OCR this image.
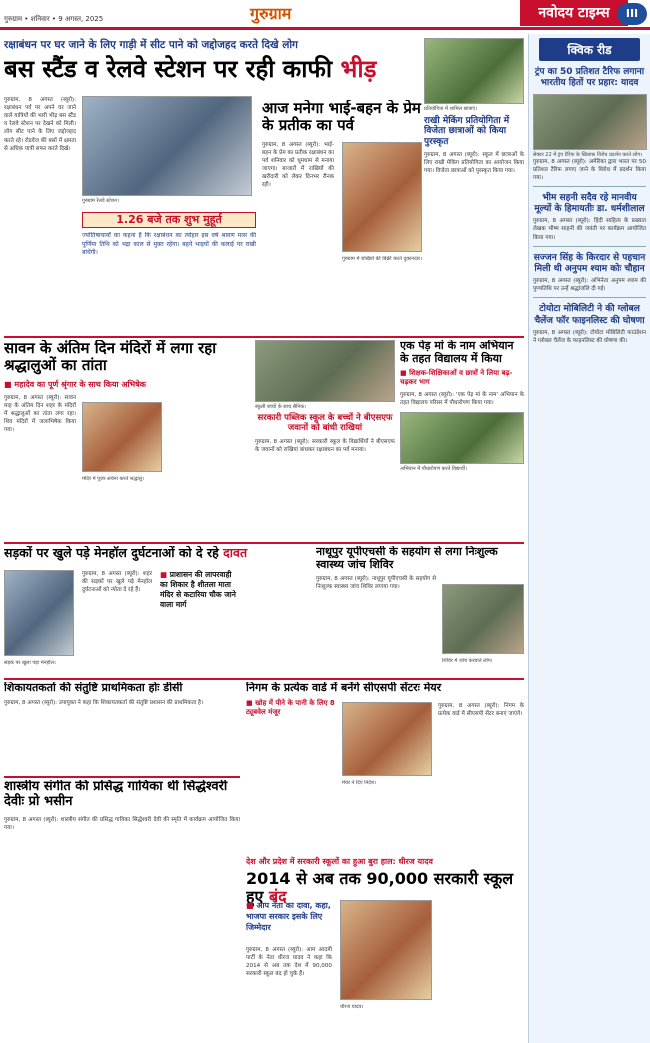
गुरुग्राम • शनिवार • 9 अगस्त, 2025	गुरुग्राम	नवोदय टाइम्स	III
रक्षाबंधन पर घर जाने के लिए गाड़ी में सीट पाने को जद्दोजहद करते दिखे लोग
बस स्टैंड व रेलवे स्टेशन पर रही काफी भीड़
गुरुग्राम, 8 अगस्त (ब्यूरो): रक्षाबंधन पर्व पर अपने घर जाने वाले यात्रियों की भारी भीड़ बस स्टैंड व रेलवे स्टेशन पर देखने को मिली। लोग सीट पाने के लिए जद्दोजहद करते रहे। रोडवेज की बसों में क्षमता से अधिक यात्री सफर करते दिखे।
गुरुग्राम रेलवे स्टेशन।
1.26 बजे तक शुभ मुहूर्त
ज्योतिषाचार्यों का कहना है कि रक्षाबंधन का त्योहार इस वर्ष श्रावण मास की पूर्णिमा तिथि को भद्रा काल से मुक्त रहेगा। बहनें भाइयों की कलाई पर राखी बांधेंगी।
आज मनेगा भाई-बहन के प्रेम के प्रतीक का पर्व
गुरुग्राम, 8 अगस्त (ब्यूरो): भाई-बहन के प्रेम का प्रतीक रक्षाबंधन का पर्व शनिवार को धूमधाम से मनाया जाएगा। बाजारों में राखियों की खरीदारी को लेकर दिनभर रौनक रही।
गुरुग्राम में राखियों की बिक्री करते दुकानदार।
प्रतियोगिता में शामिल छात्राएं।
राखी मेकिंग प्रतियोगिता में विजेता छात्राओं को किया पुरस्कृत
गुरुग्राम, 8 अगस्त (ब्यूरो): स्कूल में छात्राओं के लिए राखी मेकिंग प्रतियोगिता का आयोजन किया गया। विजेता छात्राओं को पुरस्कृत किया गया।
सावन के अंतिम दिन मंदिरों में लगा रहा श्रद्धालुओं का तांता
■ महादेव का पूर्ण श्रृंगार के साथ किया अभिषेक
गुरुग्राम, 8 अगस्त (ब्यूरो): सावन माह के अंतिम दिन शहर के मंदिरों में श्रद्धालुओं का तांता लगा रहा। शिव मंदिरों में जलाभिषेक किया गया।
मंदिर में पूजा-अर्चना करते श्रद्धालु।
स्कूली बच्चों के साथ सैनिक।
सरकारी पब्लिक स्कूल के बच्चों ने बीएसएफ जवानों को बांधी राखियां
गुरुग्राम, 8 अगस्त (ब्यूरो): सरकारी स्कूल के विद्यार्थियों ने बीएसएफ के जवानों को राखियां बांधकर रक्षाबंधन का पर्व मनाया।
एक पेड़ मां के नाम अभियान के तहत विद्यालय में किया
■ शिक्षक-शिक्षिकाओं व छात्रों ने लिया बढ़-चढ़कर भाग
गुरुग्राम, 8 अगस्त (ब्यूरो): 'एक पेड़ मां के नाम' अभियान के तहत विद्यालय परिसर में पौधारोपण किया गया।
अभियान में पौधारोपण करते विद्यार्थी।
सड़कों पर खुले पड़े मेनहॉल दुर्घटनाओं को दे रहे दावत
सड़क पर खुला पड़ा मेनहॉल।
गुरुग्राम, 8 अगस्त (ब्यूरो): शहर की सड़कों पर खुले पड़े मेनहॉल दुर्घटनाओं को न्योता दे रहे हैं।
■ प्राशासन की लापरवाही का शिकार है शीतला माता मंदिर से कटारिया चौक जाने वाला मार्ग
नाथूपुर यूपीएचसी के सहयोग से लगा निःशुल्क स्वास्थ्य जांच शिविर
गुरुग्राम, 8 अगस्त (ब्यूरो): नाथूपुर यूपीएचसी के सहयोग से निःशुल्क स्वास्थ्य जांच शिविर लगाया गया।
शिविर में जांच करवाते लोग।
शिकायतकर्ता की संतुष्टि प्राथमिकता होः डीसी
गुरुग्राम, 8 अगस्त (ब्यूरो): उपायुक्त ने कहा कि शिकायतकर्ता की संतुष्टि प्रशासन की प्राथमिकता है।
निगम के प्रत्येक वार्ड में बनेंगे सीएसपी सेंटरः मेयर
■ खोह में पीने के पानी के लिए 8 ट्यूबवेल मंजूर
मेयर ने दिए निर्देश।
गुरुग्राम, 8 अगस्त (ब्यूरो): निगम के प्रत्येक वार्ड में सीएसपी सेंटर बनाए जाएंगे।
शास्त्रीय संगीत की प्रसिद्ध गायिका थीं सिद्धेश्वरी देवीः प्रो भसीन
गुरुग्राम, 8 अगस्त (ब्यूरो): शास्त्रीय संगीत की प्रसिद्ध गायिका सिद्धेश्वरी देवी की स्मृति में कार्यक्रम आयोजित किया गया।
देश और प्रदेश में सरकारी स्कूलों का हुआ बुरा हाल: धीरज यादव
2014 से अब तक 90,000 सरकारी स्कूल हुए बंद
■ आप नेता का दावा, कहा, भाजपा सरकार इसके लिए जिम्मेदार
गुरुग्राम, 8 अगस्त (ब्यूरो): आम आदमी पार्टी के नेता धीरज यादव ने कहा कि 2014 से अब तक देश में 90,000 सरकारी स्कूल बंद हो चुके हैं।
धीरज यादव।
क्विक रीड
ट्रंप का 50 प्रतिशत टैरिफ लगाना भारतीय हितों पर प्रहार: यादव
सेक्टर 22 में ट्रंप टैरिफ के खिलाफ़ विरोध प्रदर्शन करते लोग।
गुरुग्राम, 8 अगस्त (ब्यूरो): अमेरिका द्वारा भारत पर 50 प्रतिशत टैरिफ लगाए जाने के विरोध में प्रदर्शन किया गया।
भीम सहनी सदैव रहे मानवीय मूल्यों के हिमायतीः डा. धर्मशीलाल
गुरुग्राम, 8 अगस्त (ब्यूरो): हिंदी साहित्य के प्रख्यात लेखक भीष्म साहनी की जयंती पर कार्यक्रम आयोजित किया गया।
सज्जन सिंह के किरदार से पहचान मिली थी अनुपम श्याम कोः चौहान
गुरुग्राम, 8 अगस्त (ब्यूरो): अभिनेता अनुपम श्याम की पुण्यतिथि पर उन्हें श्रद्धांजलि दी गई।
टोयोटा मोबिलिटी ने की ग्लोबल चैलेंज फॉर फाइनलिस्ट की घोषणा
गुरुग्राम, 8 अगस्त (ब्यूरो): टोयोटा मोबिलिटी फाउंडेशन ने ग्लोबल चैलेंज के फाइनलिस्ट की घोषणा की।
